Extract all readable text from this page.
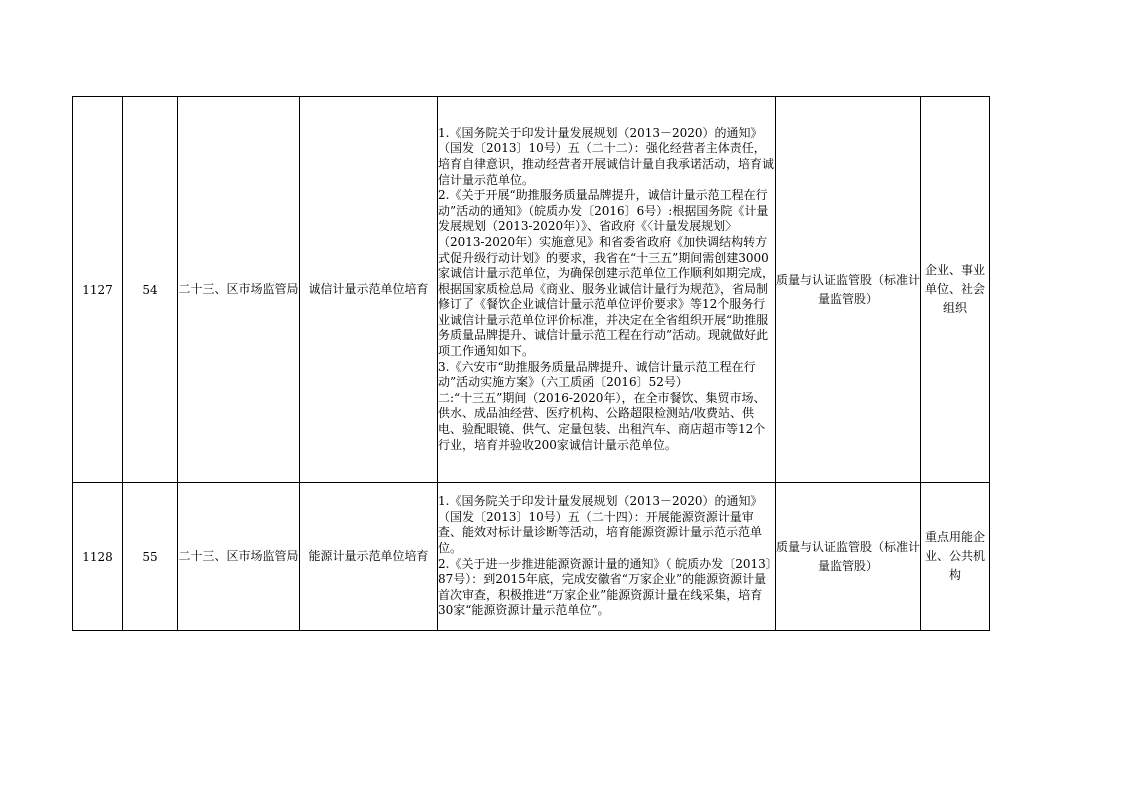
1127	54	二十三、区市场监管局	诚信计量示范单位培育	1.《国务院关于印发计量发展规划（2013－2020）的通知》（国发〔2013〕10号）五（二十二）：强化经营者主体责任，培育自律意识，推动经营者开展诚信计量自我承诺活动，培育诚信计量示范单位。
2.《关于开展“助推服务质量品牌提升，诚信计量示范工程在行动”活动的通知》（皖质办发〔2016〕6号）:根据国务院《计量发展规划（2013-2020年）》、省政府《〈计量发展规划〉（2013-2020年）实施意见》和省委省政府《加快调结构转方式促升级行动计划》的要求，我省在“十三五”期间需创建3000家诚信计量示范单位，为确保创建示范单位工作顺利如期完成，根据国家质检总局《商业、服务业诚信计量行为规范》，省局制修订了《餐饮企业诚信计量示范单位评价要求》等12个服务行业诚信计量示范单位评价标准，并决定在全省组织开展“助推服务质量品牌提升、诚信计量示范工程在行动”活动。现就做好此项工作通知如下。
3.《六安市“助推服务质量品牌提升、诚信计量示范工程在行动”活动实施方案》（六工质函〔2016〕52号）
二:“十三五”期间（2016-2020年），在全市餐饮、集贸市场、供水、成品油经营、医疗机构、公路超限检测站/收费站、供电、验配眼镜、供气、定量包装、出租汽车、商店超市等12个行业，培育并验收200家诚信计量示范单位。	质量与认证监管股（标准计量监管股）	企业、事业单位、社会组织
1128	55	二十三、区市场监管局	能源计量示范单位培育	1.《国务院关于印发计量发展规划（2013－2020）的通知》（国发〔2013〕10号）五（二十四）：开展能源资源计量审查、能效对标计量诊断等活动，培育能源资源计量示范示范单位。
2.《关于进一步推进能源资源计量的通知》（ 皖质办发〔2013〕87号）：到2015年底，完成安徽省“万家企业”的能源资源计量首次审查，积极推进“万家企业”能源资源计量在线采集，培育30家“能源资源计量示范单位”。	质量与认证监管股（标准计量监管股）	重点用能企业、公共机构
